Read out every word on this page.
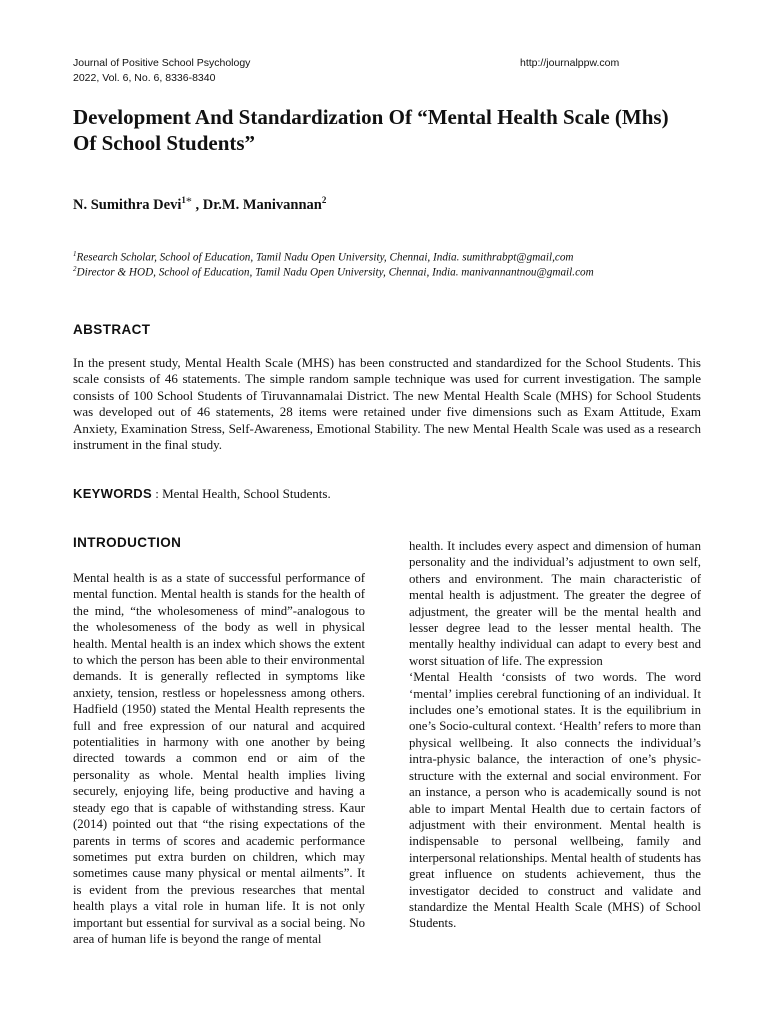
Journal of Positive School Psychology
2022, Vol. 6, No. 6, 8336-8340
http://journalppw.com
Development And Standardization Of “Mental Health Scale (Mhs) Of School Students”
N. Sumithra Devi$^{1*}$ , Dr.M. Manivannan$^2$
$^1$Research Scholar, School of Education, Tamil Nadu Open University, Chennai, India. sumithrabpt@gmail,com
$^2$Director & HOD, School of Education, Tamil Nadu Open University, Chennai, India. manivannantnou@gmail.com
ABSTRACT
In the present study, Mental Health Scale (MHS) has been constructed and standardized for the School Students. This scale consists of 46 statements. The simple random sample technique was used for current investigation. The sample consists of 100 School Students of Tiruvannamalai District. The new Mental Health Scale (MHS) for School Students was developed out of 46 statements, 28 items were retained under five dimensions such as Exam Attitude, Exam Anxiety, Examination Stress, Self-Awareness, Emotional Stability. The new Mental Health Scale was used as a research instrument in the final study.
KEYWORDS : Mental Health, School Students.
INTRODUCTION

Mental health is as a state of successful performance of mental function. Mental health is stands for the health of the mind, “the wholesomeness of mind”-analogous to the wholesomeness of the body as well in physical health. Mental health is an index which shows the extent to which the person has been able to their environmental demands. It is generally reflected in symptoms like anxiety, tension, restless or hopelessness among others. Hadfield (1950) stated the Mental Health represents the full and free expression of our natural and acquired potentialities in harmony with one another by being directed towards a common end or aim of the personality as whole. Mental health implies living securely, enjoying life, being productive and having a steady ego that is capable of withstanding stress. Kaur (2014) pointed out that “the rising expectations of the parents in terms of scores and academic performance sometimes put extra burden on children, which may sometimes cause many physical or mental ailments”. It is evident from the previous researches that mental health plays a vital role in human life. It is not only important but essential for survival as a social being. No area of human life is beyond the range of mental

health. It includes every aspect and dimension of human personality and the individual’s adjustment to own self, others and environment. The main characteristic of mental health is adjustment. The greater the degree of adjustment, the greater will be the mental health and lesser degree lead to the lesser mental health. The mentally healthy individual can adapt to every best and worst situation of life. The expression

‘Mental Health ‘consists of two words. The word ‘mental’ implies cerebral functioning of an individual. It includes one’s emotional states. It is the equilibrium in one’s Socio-cultural context. ‘Health’ refers to more than physical wellbeing. It also connects the individual’s intra-physic balance, the interaction of one’s physic-structure with the external and social environment. For an instance, a person who is academically sound is not able to impart Mental Health due to certain factors of adjustment with their environment. Mental health is indispensable to personal wellbeing, family and interpersonal relationships. Mental health of students has great influence on students achievement, thus the investigator decided to construct and validate and standardize the Mental Health Scale (MHS) of School Students.
